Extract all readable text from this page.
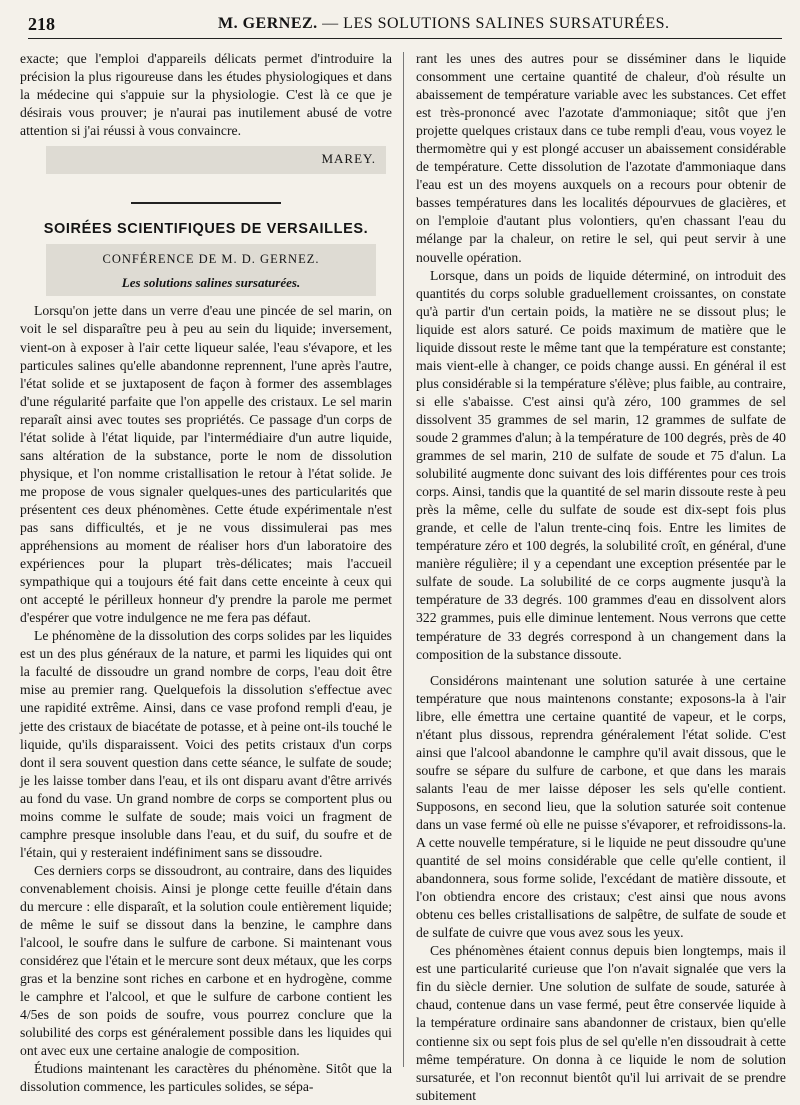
218	M. GERNEZ. — LES SOLUTIONS SALINES SURSATURÉES.

exacte; que l'emploi d'appareils délicats permet d'introduire la précision la plus rigoureuse dans les études physiologiques et dans la médecine qui s'appuie sur la physiologie. C'est là ce que je désirais vous prouver; je n'aurai pas inutilement abusé de votre attention si j'ai réussi à vous convaincre.

MAREY.
SOIRÉES SCIENTIFIQUES DE VERSAILLES.
CONFÉRENCE DE M. D. GERNEZ.
Les solutions salines sursaturées.

Lorsqu'on jette dans un verre d'eau une pincée de sel marin, on voit le sel disparaître peu à peu au sein du liquide; inversement, vient-on à exposer à l'air cette liqueur salée, l'eau s'évapore, et les particules salines qu'elle abandonne reprennent, l'une après l'autre, l'état solide et se juxtaposent de façon à former des assemblages d'une régularité parfaite que l'on appelle des cristaux. Le sel marin reparaît ainsi avec toutes ses propriétés. Ce passage d'un corps de l'état solide à l'état liquide, par l'intermédiaire d'un autre liquide, sans altération de la substance, porte le nom de dissolution physique, et l'on nomme cristallisation le retour à l'état solide. Je me propose de vous signaler quelques-unes des particularités que présentent ces deux phénomènes. Cette étude expérimentale n'est pas sans difficultés, et je ne vous dissimulerai pas mes appréhensions au moment de réaliser hors d'un laboratoire des expériences pour la plupart très-délicates; mais l'accueil sympathique qui a toujours été fait dans cette enceinte à ceux qui ont accepté le périlleux honneur d'y prendre la parole me permet d'espérer que votre indulgence ne me fera pas défaut.

Le phénomène de la dissolution des corps solides par les liquides est un des plus généraux de la nature, et parmi les liquides qui ont la faculté de dissoudre un grand nombre de corps, l'eau doit être mise au premier rang. Quelquefois la dissolution s'effectue avec une rapidité extrême. Ainsi, dans ce vase profond rempli d'eau, je jette des cristaux de biacétate de potasse, et à peine ont-ils touché le liquide, qu'ils disparaissent. Voici des petits cristaux d'un corps dont il sera souvent question dans cette séance, le sulfate de soude; je les laisse tomber dans l'eau, et ils ont disparu avant d'être arrivés au fond du vase. Un grand nombre de corps se comportent plus ou moins comme le sulfate de soude; mais voici un fragment de camphre presque insoluble dans l'eau, et du suif, du soufre et de l'étain, qui y resteraient indéfiniment sans se dissoudre.

Ces derniers corps se dissoudront, au contraire, dans des liquides convenablement choisis. Ainsi je plonge cette feuille d'étain dans du mercure : elle disparaît, et la solution coule entièrement liquide; de même le suif se dissout dans la benzine, le camphre dans l'alcool, le soufre dans le sulfure de carbone. Si maintenant vous considérez que l'étain et le mercure sont deux métaux, que les corps gras et la benzine sont riches en carbone et en hydrogène, comme le camphre et l'alcool, et que le sulfure de carbone contient les 4/5es de son poids de soufre, vous pourrez conclure que la solubilité des corps est généralement possible dans les liquides qui ont avec eux une certaine analogie de composition.

Étudions maintenant les caractères du phénomène. Sitôt que la dissolution commence, les particules solides, se sépa-

rant les unes des autres pour se disséminer dans le liquide consomment une certaine quantité de chaleur, d'où résulte un abaissement de température variable avec les substances. Cet effet est très-prononcé avec l'azotate d'ammoniaque; sitôt que j'en projette quelques cristaux dans ce tube rempli d'eau, vous voyez le thermomètre qui y est plongé accuser un abaissement considérable de température. Cette dissolution de l'azotate d'ammoniaque dans l'eau est un des moyens auxquels on a recours pour obtenir de basses températures dans les localités dépourvues de glacières, et on l'emploie d'autant plus volontiers, qu'en chassant l'eau du mélange par la chaleur, on retire le sel, qui peut servir à une nouvelle opération.

Lorsque, dans un poids de liquide déterminé, on introduit des quantités du corps soluble graduellement croissantes, on constate qu'à partir d'un certain poids, la matière ne se dissout plus; le liquide est alors saturé. Ce poids maximum de matière que le liquide dissout reste le même tant que la température est constante; mais vient-elle à changer, ce poids change aussi. En général il est plus considérable si la température s'élève; plus faible, au contraire, si elle s'abaisse. C'est ainsi qu'à zéro, 100 grammes de sel dissolvent 35 grammes de sel marin, 12 grammes de sulfate de soude 2 grammes d'alun; à la température de 100 degrés, près de 40 grammes de sel marin, 210 de sulfate de soude et 75 d'alun. La solubilité augmente donc suivant des lois différentes pour ces trois corps. Ainsi, tandis que la quantité de sel marin dissoute reste à peu près la même, celle du sulfate de soude est dix-sept fois plus grande, et celle de l'alun trente-cinq fois. Entre les limites de température zéro et 100 degrés, la solubilité croît, en général, d'une manière régulière; il y a cependant une exception présentée par le sulfate de soude. La solubilité de ce corps augmente jusqu'à la température de 33 degrés. 100 grammes d'eau en dissolvent alors 322 grammes, puis elle diminue lentement. Nous verrons que cette température de 33 degrés correspond à un changement dans la composition de la substance dissoute.

Considérons maintenant une solution saturée à une certaine température que nous maintenons constante; exposons-la à l'air libre, elle émettra une certaine quantité de vapeur, et le corps, n'étant plus dissous, reprendra généralement l'état solide. C'est ainsi que l'alcool abandonne le camphre qu'il avait dissous, que le soufre se sépare du sulfure de carbone, et que dans les marais salants l'eau de mer laisse déposer les sels qu'elle contient. Supposons, en second lieu, que la solution saturée soit contenue dans un vase fermé où elle ne puisse s'évaporer, et refroidissons-la. A cette nouvelle température, si le liquide ne peut dissoudre qu'une quantité de sel moins considérable que celle qu'elle contient, il abandonnera, sous forme solide, l'excédant de matière dissoute, et l'on obtiendra encore des cristaux; c'est ainsi que nous avons obtenu ces belles cristallisations de salpêtre, de sulfate de soude et de sulfate de cuivre que vous avez sous les yeux.

Ces phénomènes étaient connus depuis bien longtemps, mais il est une particularité curieuse que l'on n'avait signalée que vers la fin du siècle dernier. Une solution de sulfate de soude, saturée à chaud, contenue dans un vase fermé, peut être conservée liquide à la température ordinaire sans abandonner de cristaux, bien qu'elle contienne six ou sept fois plus de sel qu'elle n'en dissoudrait à cette même température. On donna à ce liquide le nom de solution sursaturée, et l'on reconnut bientôt qu'il lui arrivait de se prendre subitement
